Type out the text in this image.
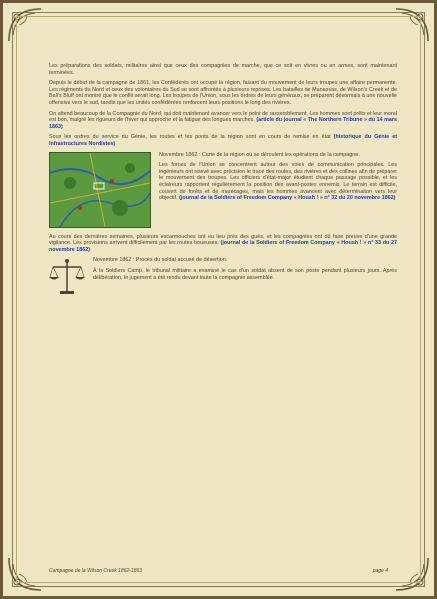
Les préparations des soldats, militaires ainsi que ceux des compagnies de marche, que ce soit en vivres ou en armes, sont maintenant terminées.

Depuis le début de la campagne de 1861, les Confédérés ont occupé la région, faisant du mouvement de leurs troupes une affaire permanente. Les régiments du Nord et ceux des volontaires du Sud se sont affrontés à plusieurs reprises. Les batailles de Manassas, de Wilson's Creek et de Ball's Bluff ont montré que le conflit serait long. Les troupes de l'Union, sous les ordres de leurs généraux, se préparent désormais à une nouvelle offensive vers le sud, tandis que les unités confédérées renforcent leurs positions le long des rivières.

On attend beaucoup de la Compagnie du Nord, qui doit maintenant avancer vers le point de rassemblement. Les hommes sont prêts et leur moral est bon, malgré les rigueurs de l'hiver qui approche et la fatigue des longues marches. (article du journal « The Northern Tribune » du 14 mars 1863)

Sous les ordres du service du Génie, les routes et les ponts de la région sont en cours de remise en état (historique du Génie et Infrastructures Nordistes)

Novembre 1862 : Carte de la région où se déroulent les opérations de la campagne.

Les forces de l'Union se concentrent autour des voies de communication principales. Les ingénieurs ont relevé avec précision le tracé des routes, des rivières et des collines afin de préparer le mouvement des troupes. Les officiers d'état-major étudient chaque passage possible, et les éclaireurs rapportent régulièrement la position des avant-postes ennemis. Le terrain est difficile, couvert de forêts et de marécages, mais les hommes avancent avec détermination vers leur objectif. (journal de la Soldiers of Freedom Company « Housh ! » n° 32 du 20 novembre 1862)

Au cours des dernières semaines, plusieurs escarmouches ont eu lieu près des gués, et les compagnies ont dû faire preuve d'une grande vigilance. Les provisions arrivent difficilement par les routes boueuses. (journal de la Soldiers of Freedom Company « Housh ! » n° 33 du 27 novembre 1862)

Novembre 1862 : Procès du soldat accusé de désertion.

À la Soldiers Camp, le tribunal militaire a examiné le cas d'un soldat absent de son poste pendant plusieurs jours. Après délibération, le jugement a été rendu devant toute la compagnie assemblée.

Campagne de la Wilson Creek 1862-1863	page 4
